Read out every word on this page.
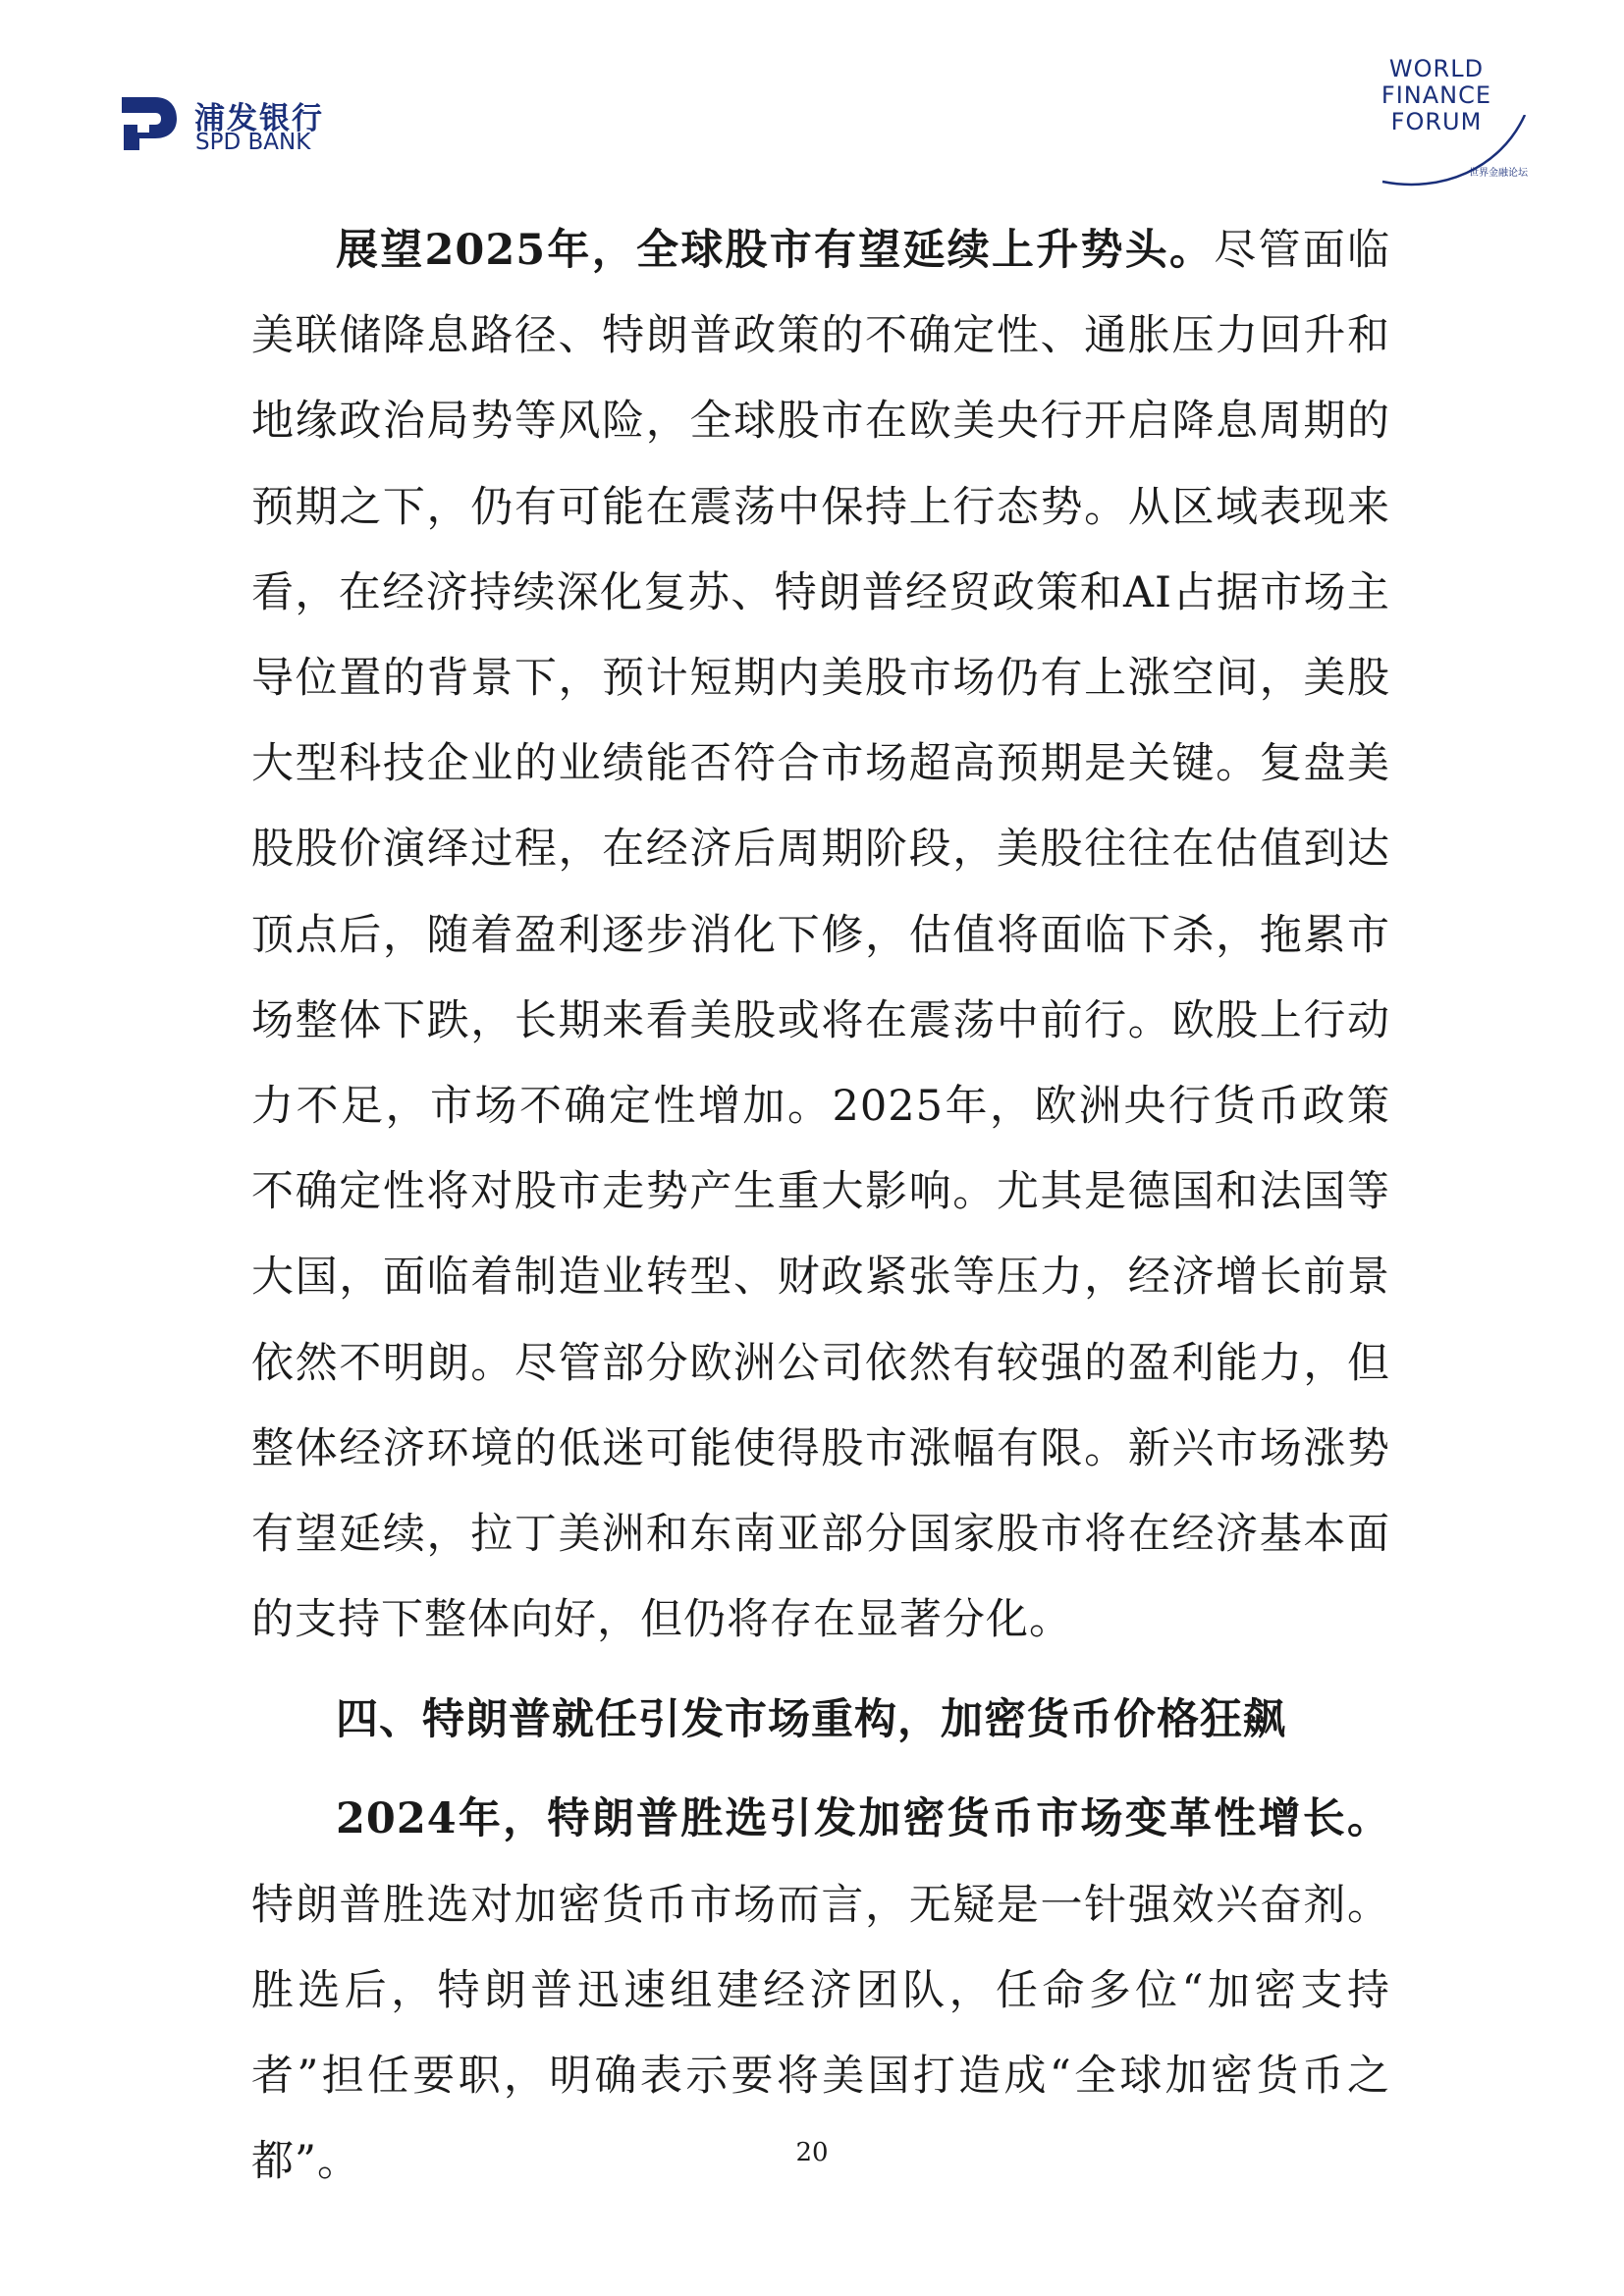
浦发银行
SPD BANK
WORLD
FINANCE
FORUM
世界金融论坛

展望2025年，全球股市有望延续上升势头。尽管面临美联储降息路径、特朗普政策的不确定性、通胀压力回升和地缘政治局势等风险，全球股市在欧美央行开启降息周期的预期之下，仍有可能在震荡中保持上行态势。从区域表现来看，在经济持续深化复苏、特朗普经贸政策和AI占据市场主导位置的背景下，预计短期内美股市场仍有上涨空间，美股大型科技企业的业绩能否符合市场超高预期是关键。复盘美股股价演绎过程，在经济后周期阶段，美股往往在估值到达顶点后，随着盈利逐步消化下修，估值将面临下杀，拖累市场整体下跌，长期来看美股或将在震荡中前行。欧股上行动力不足，市场不确定性增加。2025年，欧洲央行货币政策不确定性将对股市走势产生重大影响。尤其是德国和法国等大国，面临着制造业转型、财政紧张等压力，经济增长前景依然不明朗。尽管部分欧洲公司依然有较强的盈利能力，但整体经济环境的低迷可能使得股市涨幅有限。新兴市场涨势有望延续，拉丁美洲和东南亚部分国家股市将在经济基本面的支持下整体向好，但仍将存在显著分化。

四、特朗普就任引发市场重构，加密货币价格狂飙

2024年，特朗普胜选引发加密货币市场变革性增长。特朗普胜选对加密货币市场而言，无疑是一针强效兴奋剂。胜选后，特朗普迅速组建经济团队，任命多位“加密支持者”担任要职，明确表示要将美国打造成“全球加密货币之都”。	20
